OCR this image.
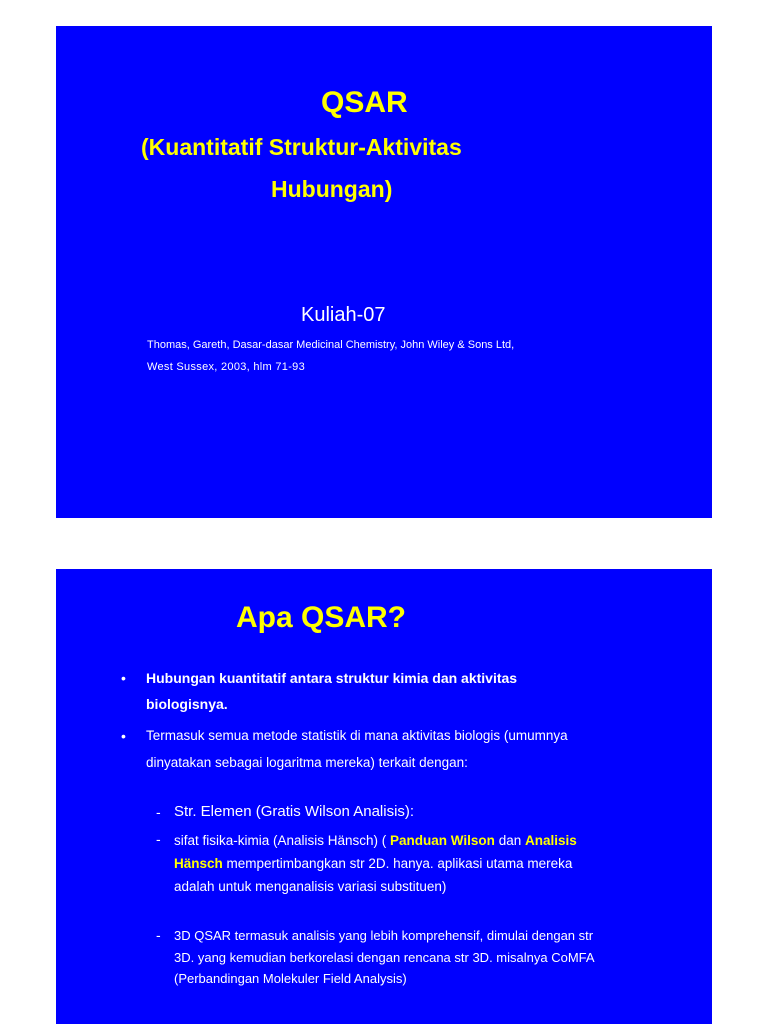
QSAR
(Kuantitatif Struktur-Aktivitas
Hubungan)
Kuliah-07
Thomas, Gareth, Dasar-dasar Medicinal Chemistry, John Wiley & Sons Ltd,
West Sussex, 2003, hlm 71-93
Apa QSAR?
• Hubungan kuantitatif antara struktur kimia dan aktivitas
biologisnya.
• Termasuk semua metode statistik di mana aktivitas biologis (umumnya
dinyatakan sebagai logaritma mereka) terkait dengan:
- Str. Elemen (Gratis Wilson Analisis):
- sifat fisika-kimia (Analisis Hänsch) ( Panduan Wilson dan Analisis
Hänsch mempertimbangkan str 2D. hanya. aplikasi utama mereka
adalah untuk menganalisis variasi substituen)
- 3D QSAR termasuk analisis yang lebih komprehensif, dimulai dengan str
3D. yang kemudian berkorelasi dengan rencana str 3D. misalnya CoMFA
(Perbandingan Molekuler Field Analysis)
